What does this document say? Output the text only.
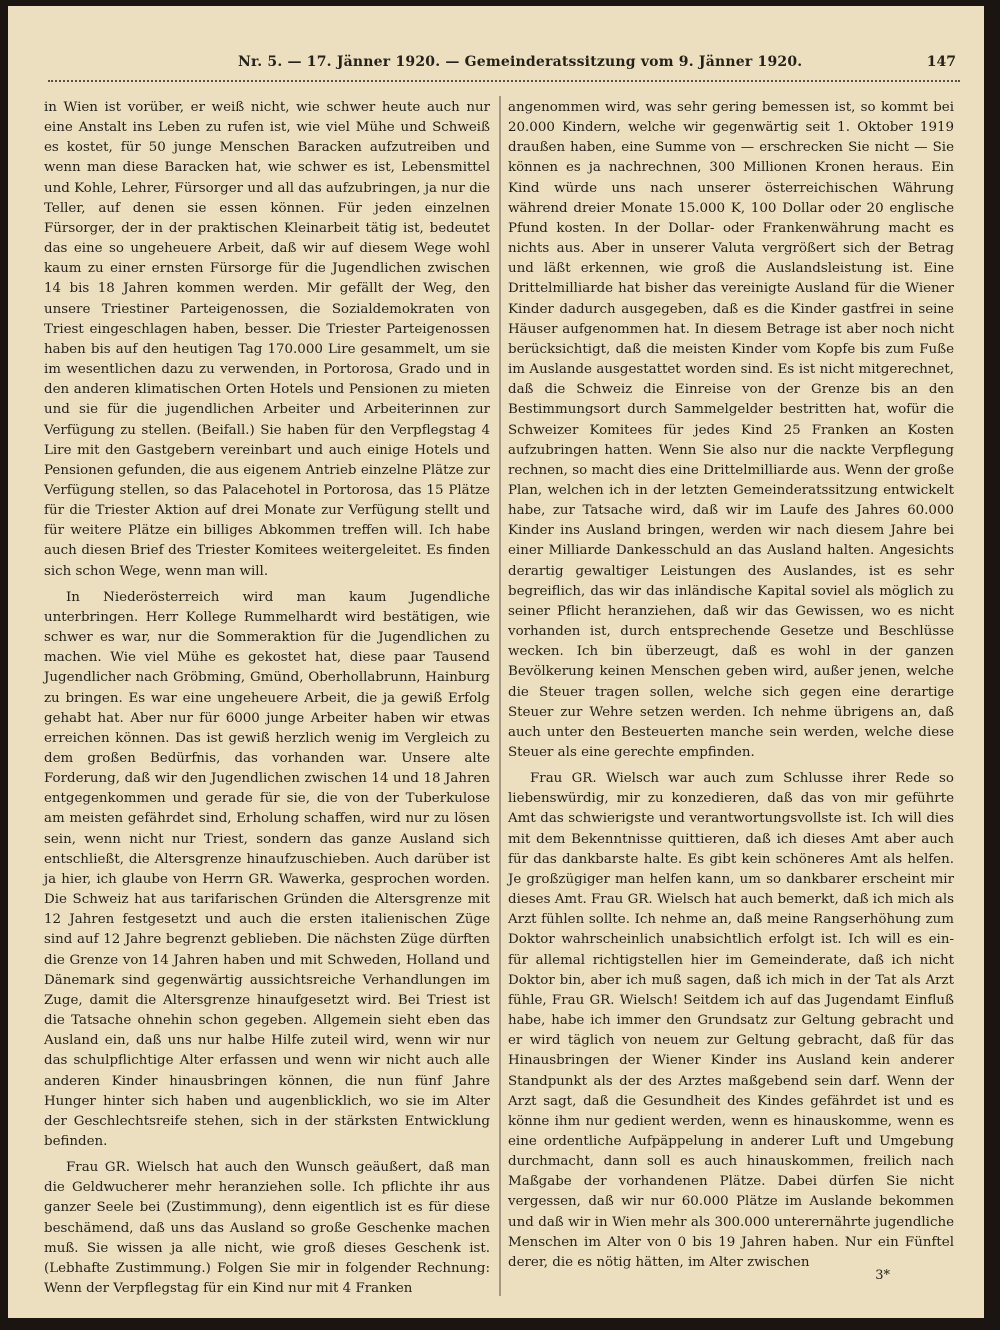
Nr. 5. — 17. Jänner 1920. — Gemeinderatssitzung vom 9. Jänner 1920.	147

in Wien ist vorüber, er weiß nicht, wie schwer heute auch nur eine Anstalt ins Leben zu rufen ist, wie viel Mühe und Schweiß es kostet, für 50 junge Menschen Baracken aufzutreiben und wenn man diese Baracken hat, wie schwer es ist, Lebensmittel und Kohle, Lehrer, Fürsorger und all das aufzubringen, ja nur die Teller, auf denen sie essen können. Für jeden einzelnen Fürsorger, der in der praktischen Kleinarbeit tätig ist, bedeutet das eine so ungeheuere Arbeit, daß wir auf diesem Wege wohl kaum zu einer ernsten Fürsorge für die Jugendlichen zwischen 14 bis 18 Jahren kommen werden. Mir gefällt der Weg, den unsere Triestiner Parteigenossen, die Sozialdemokraten von Triest eingeschlagen haben, besser. Die Triester Parteigenossen haben bis auf den heutigen Tag 170.000 Lire gesammelt, um sie im wesentlichen dazu zu verwenden, in Portorosa, Grado und in den anderen klimatischen Orten Hotels und Pensionen zu mieten und sie für die jugendlichen Arbeiter und Arbeiterinnen zur Verfügung zu stellen. (Beifall.) Sie haben für den Verpflegstag 4 Lire mit den Gastgebern vereinbart und auch einige Hotels und Pensionen gefunden, die aus eigenem Antrieb einzelne Plätze zur Verfügung stellen, so das Palacehotel in Portorosa, das 15 Plätze für die Triester Aktion auf drei Monate zur Verfügung stellt und für weitere Plätze ein billiges Abkommen treffen will. Ich habe auch diesen Brief des Triester Komitees weitergeleitet. Es finden sich schon Wege, wenn man will.

In Niederösterreich wird man kaum Jugendliche unterbringen. Herr Kollege Rummelhardt wird bestätigen, wie schwer es war, nur die Sommeraktion für die Jugendlichen zu machen. Wie viel Mühe es gekostet hat, diese paar Tausend Jugendlicher nach Gröbming, Gmünd, Oberhollabrunn, Hainburg zu bringen. Es war eine ungeheuere Arbeit, die ja gewiß Erfolg gehabt hat. Aber nur für 6000 junge Arbeiter haben wir etwas erreichen können. Das ist gewiß herzlich wenig im Vergleich zu dem großen Bedürfnis, das vorhanden war. Unsere alte Forderung, daß wir den Jugendlichen zwischen 14 und 18 Jahren entgegenkommen und gerade für sie, die von der Tuberkulose am meisten gefährdet sind, Erholung schaffen, wird nur zu lösen sein, wenn nicht nur Triest, sondern das ganze Ausland sich entschließt, die Altersgrenze hinaufzuschieben. Auch darüber ist ja hier, ich glaube von Herrn GR. Wawerka, gesprochen worden. Die Schweiz hat aus tarifarischen Gründen die Altersgrenze mit 12 Jahren festgesetzt und auch die ersten italienischen Züge sind auf 12 Jahre begrenzt geblieben. Die nächsten Züge dürften die Grenze von 14 Jahren haben und mit Schweden, Holland und Dänemark sind gegenwärtig aussichtsreiche Verhandlungen im Zuge, damit die Altersgrenze hinaufgesetzt wird. Bei Triest ist die Tatsache ohnehin schon gegeben. Allgemein sieht eben das Ausland ein, daß uns nur halbe Hilfe zuteil wird, wenn wir nur das schulpflichtige Alter erfassen und wenn wir nicht auch alle anderen Kinder hinausbringen können, die nun fünf Jahre Hunger hinter sich haben und augenblicklich, wo sie im Alter der Geschlechtsreife stehen, sich in der stärksten Entwicklung befinden.

Frau GR. Wielsch hat auch den Wunsch geäußert, daß man die Geldwucherer mehr heranziehen solle. Ich pflichte ihr aus ganzer Seele bei (Zustimmung), denn eigentlich ist es für diese beschämend, daß uns das Ausland so große Geschenke machen muß. Sie wissen ja alle nicht, wie groß dieses Geschenk ist. (Lebhafte Zustimmung.) Folgen Sie mir in folgender Rechnung: Wenn der Verpflegstag für ein Kind nur mit 4 Franken

angenommen wird, was sehr gering bemessen ist, so kommt bei 20.000 Kindern, welche wir gegenwärtig seit 1. Oktober 1919 draußen haben, eine Summe von — erschrecken Sie nicht — Sie können es ja nachrechnen, 300 Millionen Kronen heraus. Ein Kind würde uns nach unserer österreichischen Währung während dreier Monate 15.000 K, 100 Dollar oder 20 englische Pfund kosten. In der Dollar- oder Frankenwährung macht es nichts aus. Aber in unserer Valuta vergrößert sich der Betrag und läßt erkennen, wie groß die Auslandsleistung ist. Eine Drittelmilliarde hat bisher das vereinigte Ausland für die Wiener Kinder dadurch ausgegeben, daß es die Kinder gastfrei in seine Häuser aufgenommen hat. In diesem Betrage ist aber noch nicht berücksichtigt, daß die meisten Kinder vom Kopfe bis zum Fuße im Auslande ausgestattet worden sind. Es ist nicht mitgerechnet, daß die Schweiz die Einreise von der Grenze bis an den Bestimmungsort durch Sammelgelder bestritten hat, wofür die Schweizer Komitees für jedes Kind 25 Franken an Kosten aufzubringen hatten. Wenn Sie also nur die nackte Verpflegung rechnen, so macht dies eine Drittelmilliarde aus. Wenn der große Plan, welchen ich in der letzten Gemeinderatssitzung entwickelt habe, zur Tatsache wird, daß wir im Laufe des Jahres 60.000 Kinder ins Ausland bringen, werden wir nach diesem Jahre bei einer Milliarde Dankesschuld an das Ausland halten. Angesichts derartig gewaltiger Leistungen des Auslandes, ist es sehr begreiflich, das wir das inländische Kapital soviel als möglich zu seiner Pflicht heranziehen, daß wir das Gewissen, wo es nicht vorhanden ist, durch entsprechende Gesetze und Beschlüsse wecken. Ich bin überzeugt, daß es wohl in der ganzen Bevölkerung keinen Menschen geben wird, außer jenen, welche die Steuer tragen sollen, welche sich gegen eine derartige Steuer zur Wehre setzen werden. Ich nehme übrigens an, daß auch unter den Besteuerten manche sein werden, welche diese Steuer als eine gerechte empfinden.

Frau GR. Wielsch war auch zum Schlusse ihrer Rede so liebenswürdig, mir zu konzedieren, daß das von mir geführte Amt das schwierigste und verantwortungsvollste ist. Ich will dies mit dem Bekenntnisse quittieren, daß ich dieses Amt aber auch für das dankbarste halte. Es gibt kein schöneres Amt als helfen. Je großzügiger man helfen kann, um so dankbarer erscheint mir dieses Amt. Frau GR. Wielsch hat auch bemerkt, daß ich mich als Arzt fühlen sollte. Ich nehme an, daß meine Rangserhöhung zum Doktor wahrscheinlich unabsichtlich erfolgt ist. Ich will es ein- für allemal richtigstellen hier im Gemeinderate, daß ich nicht Doktor bin, aber ich muß sagen, daß ich mich in der Tat als Arzt fühle, Frau GR. Wielsch! Seitdem ich auf das Jugendamt Einfluß habe, habe ich immer den Grundsatz zur Geltung gebracht und er wird täglich von neuem zur Geltung gebracht, daß für das Hinausbringen der Wiener Kinder ins Ausland kein anderer Standpunkt als der des Arztes maßgebend sein darf. Wenn der Arzt sagt, daß die Gesundheit des Kindes gefährdet ist und es könne ihm nur gedient werden, wenn es hinauskomme, wenn es eine ordentliche Aufpäppelung in anderer Luft und Umgebung durchmacht, dann soll es auch hinauskommen, freilich nach Maßgabe der vorhandenen Plätze. Dabei dürfen Sie nicht vergessen, daß wir nur 60.000 Plätze im Auslande bekommen und daß wir in Wien mehr als 300.000 unterernährte jugendliche Menschen im Alter von 0 bis 19 Jahren haben. Nur ein Fünftel derer, die es nötig hätten, im Alter zwischen

3*
